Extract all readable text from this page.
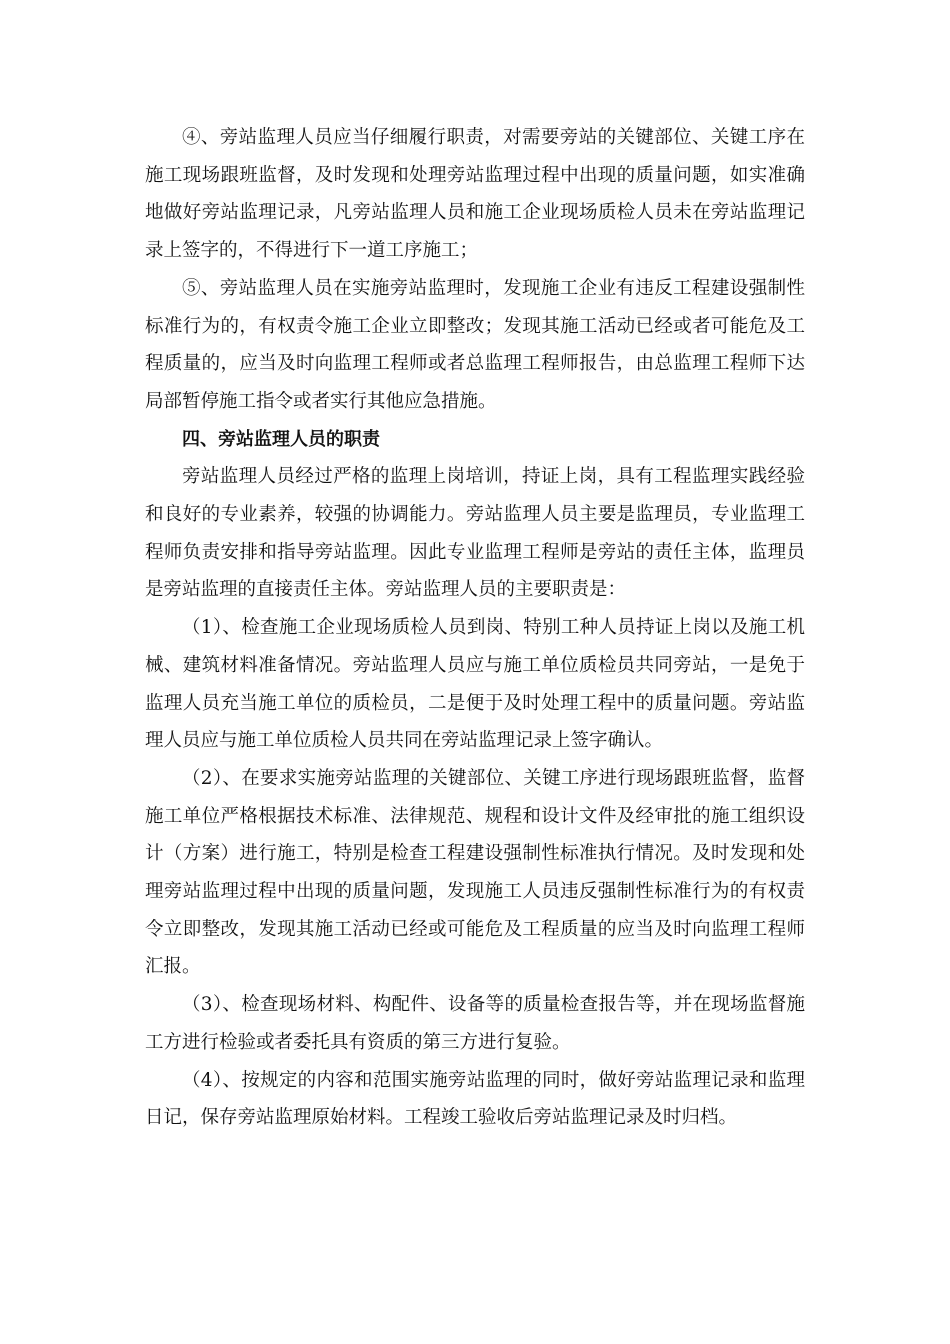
④、旁站监理人员应当仔细履行职责，对需要旁站的关键部位、关键工序在施工现场跟班监督，及时发现和处理旁站监理过程中出现的质量问题，如实准确地做好旁站监理记录，凡旁站监理人员和施工企业现场质检人员未在旁站监理记录上签字的，不得进行下一道工序施工；

⑤、旁站监理人员在实施旁站监理时，发现施工企业有违反工程建设强制性标准行为的，有权责令施工企业立即整改；发现其施工活动已经或者可能危及工程质量的，应当及时向监理工程师或者总监理工程师报告，由总监理工程师下达局部暂停施工指令或者实行其他应急措施。

四、旁站监理人员的职责

旁站监理人员经过严格的监理上岗培训，持证上岗，具有工程监理实践经验和良好的专业素养，较强的协调能力。旁站监理人员主要是监理员，专业监理工程师负责安排和指导旁站监理。因此专业监理工程师是旁站的责任主体，监理员是旁站监理的直接责任主体。旁站监理人员的主要职责是：

（1）、检查施工企业现场质检人员到岗、特别工种人员持证上岗以及施工机械、建筑材料准备情况。旁站监理人员应与施工单位质检员共同旁站，一是免于监理人员充当施工单位的质检员，二是便于及时处理工程中的质量问题。旁站监理人员应与施工单位质检人员共同在旁站监理记录上签字确认。

（2）、在要求实施旁站监理的关键部位、关键工序进行现场跟班监督，监督施工单位严格根据技术标准、法律规范、规程和设计文件及经审批的施工组织设计（方案）进行施工，特别是检查工程建设强制性标准执行情况。及时发现和处理旁站监理过程中出现的质量问题，发现施工人员违反强制性标准行为的有权责令立即整改，发现其施工活动已经或可能危及工程质量的应当及时向监理工程师汇报。

（3）、检查现场材料、构配件、设备等的质量检查报告等，并在现场监督施工方进行检验或者委托具有资质的第三方进行复验。

（4）、按规定的内容和范围实施旁站监理的同时，做好旁站监理记录和监理日记，保存旁站监理原始材料。工程竣工验收后旁站监理记录及时归档。
